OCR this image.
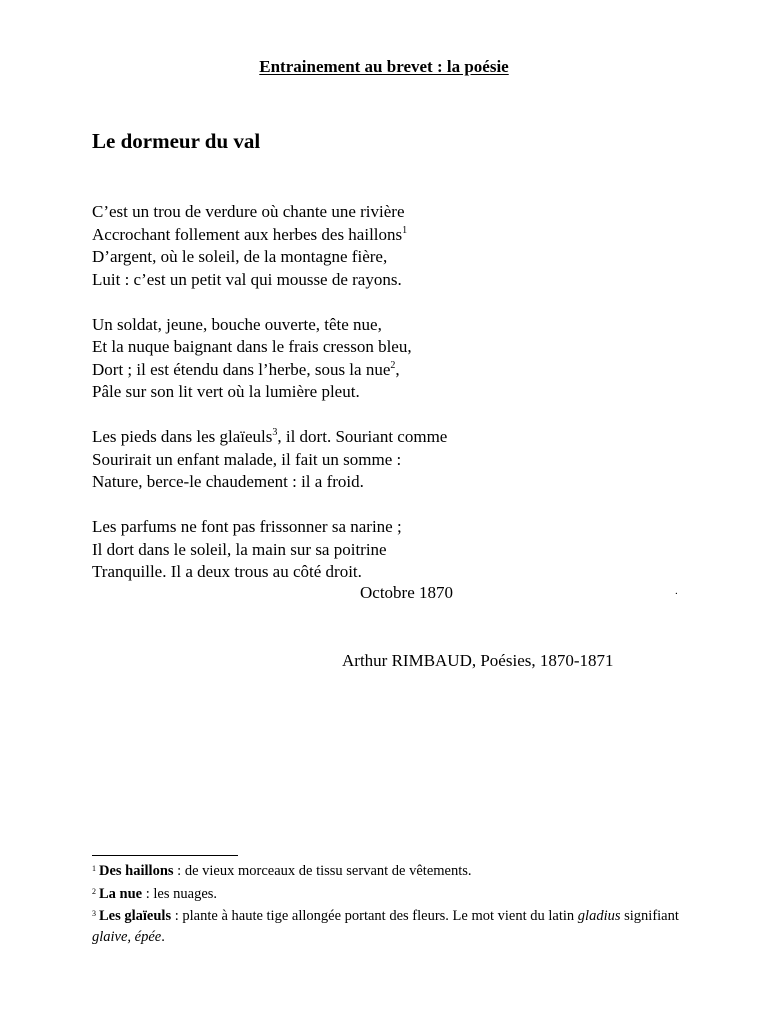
Entrainement au brevet : la poésie
Le dormeur du val
C’est un trou de verdure où chante une rivière
Accrochant follement aux herbes des haillons$^1$
D’argent, où le soleil, de la montagne fière,
Luit : c’est un petit val qui mousse de rayons.
Un soldat, jeune, bouche ouverte, tête nue,
Et la nuque baignant dans le frais cresson bleu,
Dort ; il est étendu dans l’herbe, sous la nue$^2$,
Pâle sur son lit vert où la lumière pleut.
Les pieds dans les glaïeuls$^3$, il dort. Souriant comme
Sourirait un enfant malade, il fait un somme :
Nature, berce-le chaudement : il a froid.
Les parfums ne font pas frissonner sa narine ;
Il dort dans le soleil, la main sur sa poitrine
Tranquille. Il a deux trous au côté droit.
Octobre 1870	.
Arthur RIMBAUD, Poésies, 1870-1871
$^1$ Des haillons : de vieux morceaux de tissu servant de vêtements.
$^2$ La nue : les nuages.
$^3$ Les glaïeuls : plante à haute tige allongée portant des fleurs. Le mot vient du latin gladius signifiant glaive, épée.
